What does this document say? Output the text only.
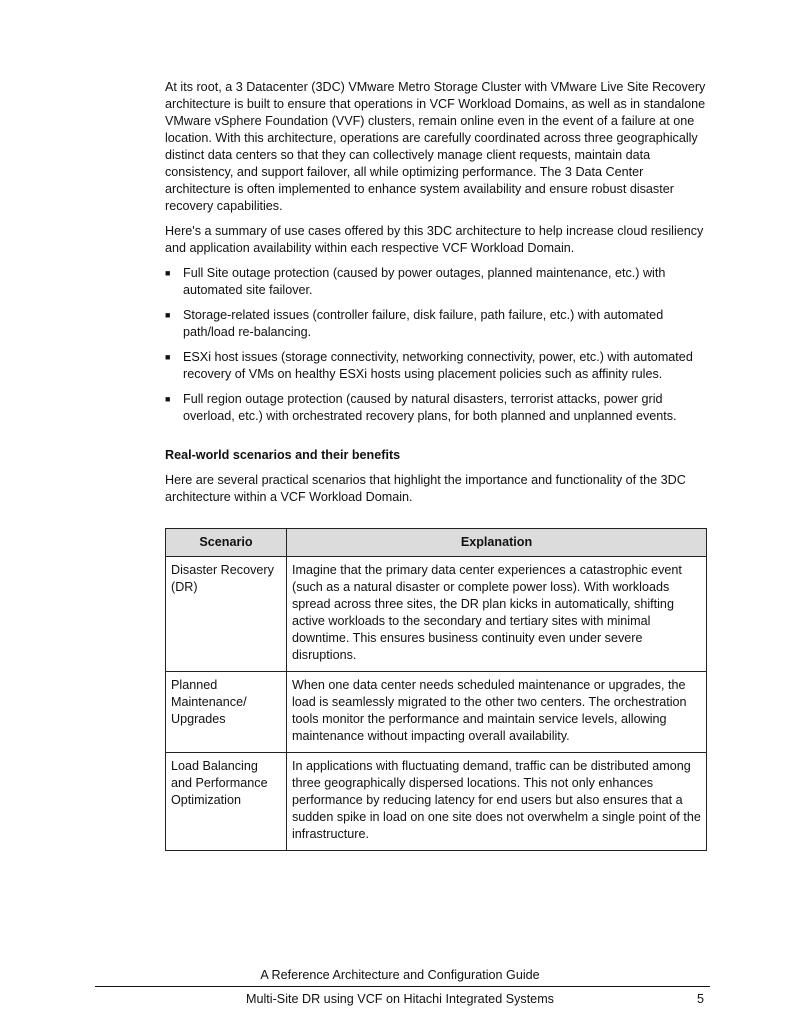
At its root, a 3 Datacenter (3DC) VMware Metro Storage Cluster with VMware Live Site Recovery architecture is built to ensure that operations in VCF Workload Domains, as well as in standalone VMware vSphere Foundation (VVF) clusters, remain online even in the event of a failure at one location. With this architecture, operations are carefully coordinated across three geographically distinct data centers so that they can collectively manage client requests, maintain data consistency, and support failover, all while optimizing performance. The 3 Data Center architecture is often implemented to enhance system availability and ensure robust disaster recovery capabilities.

Here's a summary of use cases offered by this 3DC architecture to help increase cloud resiliency and application availability within each respective VCF Workload Domain.

■ Full Site outage protection (caused by power outages, planned maintenance, etc.) with automated site failover.
■ Storage-related issues (controller failure, disk failure, path failure, etc.) with automated path/load re-balancing.
■ ESXi host issues (storage connectivity, networking connectivity, power, etc.) with automated recovery of VMs on healthy ESXi hosts using placement policies such as affinity rules.
■ Full region outage protection (caused by natural disasters, terrorist attacks, power grid overload, etc.) with orchestrated recovery plans, for both planned and unplanned events.
Real-world scenarios and their benefits

Here are several practical scenarios that highlight the importance and functionality of the 3DC architecture within a VCF Workload Domain.

Scenario	Explanation
Disaster Recovery (DR)	Imagine that the primary data center experiences a catastrophic event (such as a natural disaster or complete power loss). With workloads spread across three sites, the DR plan kicks in automatically, shifting active workloads to the secondary and tertiary sites with minimal downtime. This ensures business continuity even under severe disruptions.
Planned Maintenance/ Upgrades	When one data center needs scheduled maintenance or upgrades, the load is seamlessly migrated to the other two centers. The orchestration tools monitor the performance and maintain service levels, allowing maintenance without impacting overall availability.
Load Balancing and Performance Optimization	In applications with fluctuating demand, traffic can be distributed among three geographically dispersed locations. This not only enhances performance by reducing latency for end users but also ensures that a sudden spike in load on one site does not overwhelm a single point of the infrastructure.
A Reference Architecture and Configuration Guide
Multi-Site DR using VCF on Hitachi Integrated Systems	5
